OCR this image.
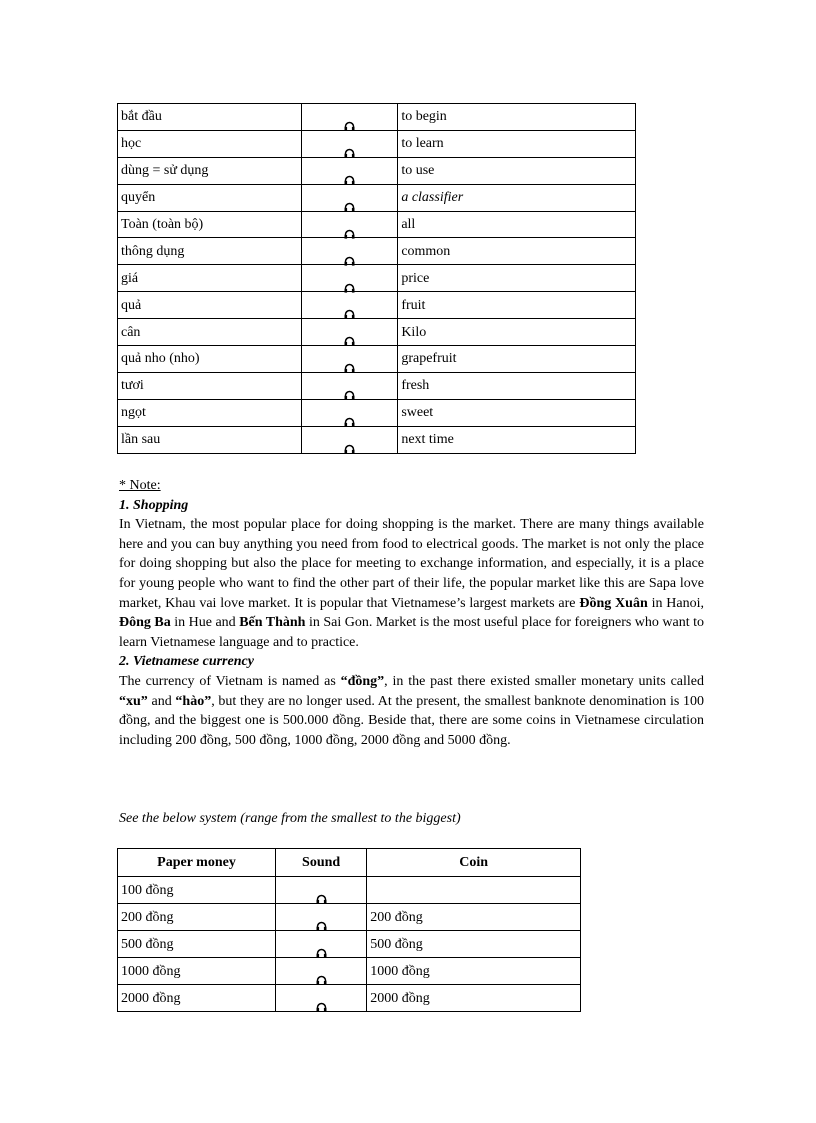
bắt đầu		to begin
học		to learn
dùng = sử dụng		to use
quyển		a classifier
Toàn (toàn bộ)		all
thông dụng		common
giá		price
quả		fruit
cân		Kilo
quả nho (nho)		grapefruit
tươi		fresh
ngọt		sweet
lần sau		next time

* Note:

1. Shopping

In Vietnam, the most popular place for doing shopping is the market. There are many things available here and you can buy anything you need from food to electrical goods. The market is not only the place for doing shopping but also the place for meeting to exchange information, and especially, it is a place for young people who want to find the other part of their life, the popular market like this are Sapa love market, Khau vai love market. It is popular that Vietnamese’s largest markets are Đồng Xuân in Hanoi, Đông Ba in Hue and Bến Thành in Sai Gon. Market is the most useful place for foreigners who want to learn Vietnamese language and to practice.

2. Vietnamese currency

The currency of Vietnam is named as “đồng”, in the past there existed smaller monetary units called “xu” and “hào”, but they are no longer used. At the present, the smallest banknote denomination is 100 đồng, and the biggest one is 500.000 đồng. Beside that, there are some coins in Vietnamese circulation including 200 đồng, 500 đồng, 1000 đồng, 2000 đồng and 5000 đồng.

See the below system (range from the smallest to the biggest)
Paper money	Sound	Coin
100 đồng		
200 đồng		200 đồng
500 đồng		500 đồng
1000 đồng		1000 đồng
2000 đồng		2000 đồng
